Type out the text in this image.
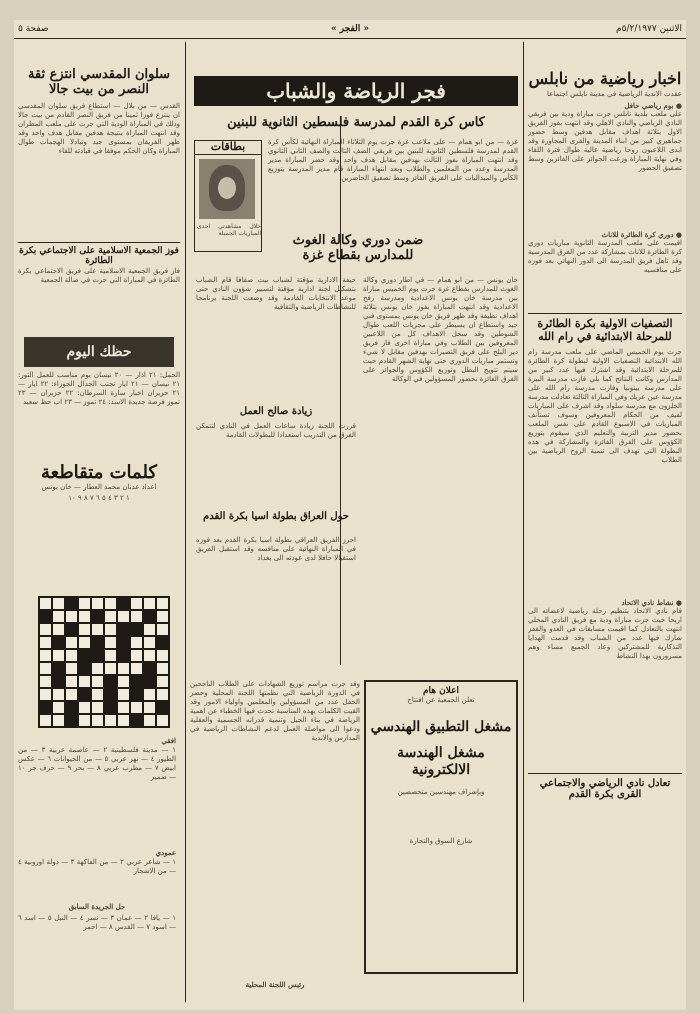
الاثنين ٥/٢/١٩٧٧م
« الفجر »
صفحة ٥
اخبار رياضية من نابلس
عقدت الاندية الرياضية في مدينة نابلس اجتماعا
● بوم رياضي حافل
على ملعب بلدية نابلس جرت مباراة ودية بين فريقي النادي الرياضي والنادي الاهلي وقد انتهت بفوز الفريق الاول بثلاثة اهداف مقابل هدفين وسط حضور جماهيري كبير من ابناء المدينة والقرى المجاورة وقد ابدى اللاعبون روحا رياضية عالية طوال فترة اللقاء وفي نهاية المباراة وزعت الجوائز على الفائزين وسط تصفيق الحضور
● دوري كرة الطائرة للاناث
اقيمت على ملعب المدرسة الثانوية مباريات دوري كرة الطائرة للاناث بمشاركة عدد من الفرق المدرسية وقد تاهل فريق المدرسة الى الدور النهائي بعد فوزه على منافسيه
التصفيات الاولية بكرة الطائرة للمرحلة الابتدائية في رام الله
جرت يوم الخميس الماضي على ملعب مدرسة رام الله الابتدائية التصفيات الاولية لبطولة كرة الطائرة للمرحلة الابتدائية وقد اشترك فيها عدد كبير من المدارس وكانت النتائج كما يلي فازت مدرسة البيرة على مدرسة بيتونيا وفازت مدرسة رام الله على مدرسة عين عريك وفي المباراة الثالثة تعادلت مدرسة الجلزون مع مدرسة سلواد وقد اشرف على المباريات لفيف من الحكام المعروفين وسوف تستأنف المباريات في الاسبوع القادم على نفس الملعب بحضور مدير التربية والتعليم الذي سيقوم بتوزيع الكؤوس على الفرق الفائزة والمشاركة في هذه البطولة التي تهدف الى تنمية الروح الرياضية بين الطلاب
● نشاط نادي الاتحاد
قام نادي الاتحاد بتنظيم رحلة رياضية لاعضائه الى اريحا حيث جرت مباراة ودية مع فريق النادي المحلي انتهت بالتعادل كما اقيمت مسابقات في العدو والقفز شارك فيها عدد من الشباب وقد قدمت الهدايا التذكارية للمشتركين وعاد الجميع مساء وهم مسرورون بهذا النشاط
تعادل نادي الرياضي والاجتماعي القرى بكرة القدم
فجر الرياضة والشباب
كأس كرة القدم لمدرسة فلسطين الثانوية للبنين
غزة — من ابو همام — على ملاعب غزة جرت يوم الثلاثاء المباراة النهائية لكأس كرة القدم لمدرسة فلسطين الثانوية للبنين بين فريقي الصف الثالث والصف الثاني الثانوي وقد انتهت المباراة بفوز الثالث بهدفين مقابل هدف واحد وقد حضر المباراة مدير المدرسة وعدد من المعلمين والطلاب وبعد انتهاء المباراة قام مدير المدرسة بتوزيع الكأس والميداليات على الفريق الفائز وسط تصفيق الحاضرين
بطاقات
خلال مشاهدتي احدى المباريات الجميلة	ضمن دوري وكالة الغوث للمدارس بقطاع غزة
خان يونس — من ابو همام — في اطار دوري وكالة الغوث للمدارس بقطاع غزة جرت يوم الخميس مباراة بين مدرسة خان يونس الاعدادية ومدرسة رفح الاعدادية وقد انتهت المباراة بفوز خان يونس بثلاثة اهداف نظيفة وقد ظهر فريق خان يونس بمستوى فني جيد واستطاع ان يسيطر على مجريات اللعب طوال الشوطين وقد سجل الاهداف كل من اللاعبين المعروفين بين الطلاب وفي مباراة اخرى فاز فريق دير البلح على فريق النصيرات بهدفين مقابل لا شيء وتستمر مباريات الدوري حتى نهاية الشهر القادم حيث سيتم تتويج البطل وتوزيع الكؤوس والجوائز على الفرق الفائزة بحضور المسؤولين في الوكالة
حيفة الادارية مؤقتة لشباب بيت صفافا قام الشباب بتشكيل لجنة ادارية مؤقتة لتسيير شؤون النادي حتى موعد الانتخابات القادمة وقد وضعت اللجنة برنامجا للنشاطات الرياضية والثقافية
زيادة صالح العمل
قررت اللجنة زيادة ساعات العمل في النادي لتتمكن الفرق من التدريب استعدادا للبطولات القادمة
حول العراق بطولة اسيا بكرة القدم
احرز الفريق العراقي بطولة اسيا بكرة القدم بعد فوزه في المباراة النهائية على منافسه وقد استقبل الفريق استقبالا حافلا لدى عودته الى بغداد
اعلان هام
تعلن الجمعية عن افتتاح
مشغل التطبيق الهندسي
مشغل الهندسة الالكترونية
وبإشراف مهندسين متخصصين
شارع السوق والتجارة
وقد جرت مراسم توزيع الشهادات على الطلاب الناجحين في الدورة الرياضية التي نظمتها اللجنة المحلية وحضر الحفل عدد من المسؤولين والمعلمين واولياء الامور وقد القيت الكلمات بهذه المناسبة تحدث فيها الخطباء عن اهمية الرياضة في بناء الجيل وتنمية قدراته الجسمية والعقلية ودعوا الى مواصلة العمل لدعم النشاطات الرياضية في المدارس والاندية
رئيس اللجنة المحلية
سلوان المقدسي انتزع ثقة النصر من بيت جالا
القدس — من بلال — استطاع فريق سلوان المقدسي ان ينتزع فوزا ثمينا من فريق النصر القادم من بيت جالا وذلك في المباراة الودية التي جرت على ملعب المطران وقد انتهت المباراة بنتيجة هدفين مقابل هدف واحد وقد ظهر الفريقان بمستوى جيد وتبادلا الهجمات طوال المباراة وكان الحكم موفقا في قيادته للقاء
فوز الجمعية الاسلامية على الاجتماعي بكرة الطائرة
فاز فريق الجمعية الاسلامية على فريق الاجتماعي بكرة الطائرة في المباراة التي جرت في صالة الجمعية
حظك اليوم
الحمل: ٢١ اذار — ٢٠ نيسان يوم مناسب للعمل الثور: ٢١ نيسان — ٢١ ايار تجنب الجدال الجوزاء: ٢٢ ايار — ٢١ حزيران اخبار سارة السرطان: ٢٢ حزيران — ٢٣ تموز فرصة جديدة الاسد: ٢٤ تموز — ٢٣ اب حظ سعيد
كلمات متقاطعة
اعداد عدنان محمد العطار — خان يونس
١ ٢ ٣ ٤ ٥ ٦ ٧ ٨ ٩ ١٠
افقي
١ — مدينة فلسطينية ٢ — عاصمة عربية ٣ — من الطيور ٤ — نهر عربي ٥ — من الحيوانات ٦ — عكس ابيض ٧ — مطرب عربي ٨ — بحر ٩ — حرف جر ١٠ — ضمير
عمودي
١ — شاعر عربي ٢ — من الفاكهة ٣ — دولة اوروبية ٤ — من الاشجار
حل الجريدة السابق
١ — يافا ٢ — عمان ٣ — نسر ٤ — النيل ٥ — اسد ٦ — اسود ٧ — القدس ٨ — احمر
